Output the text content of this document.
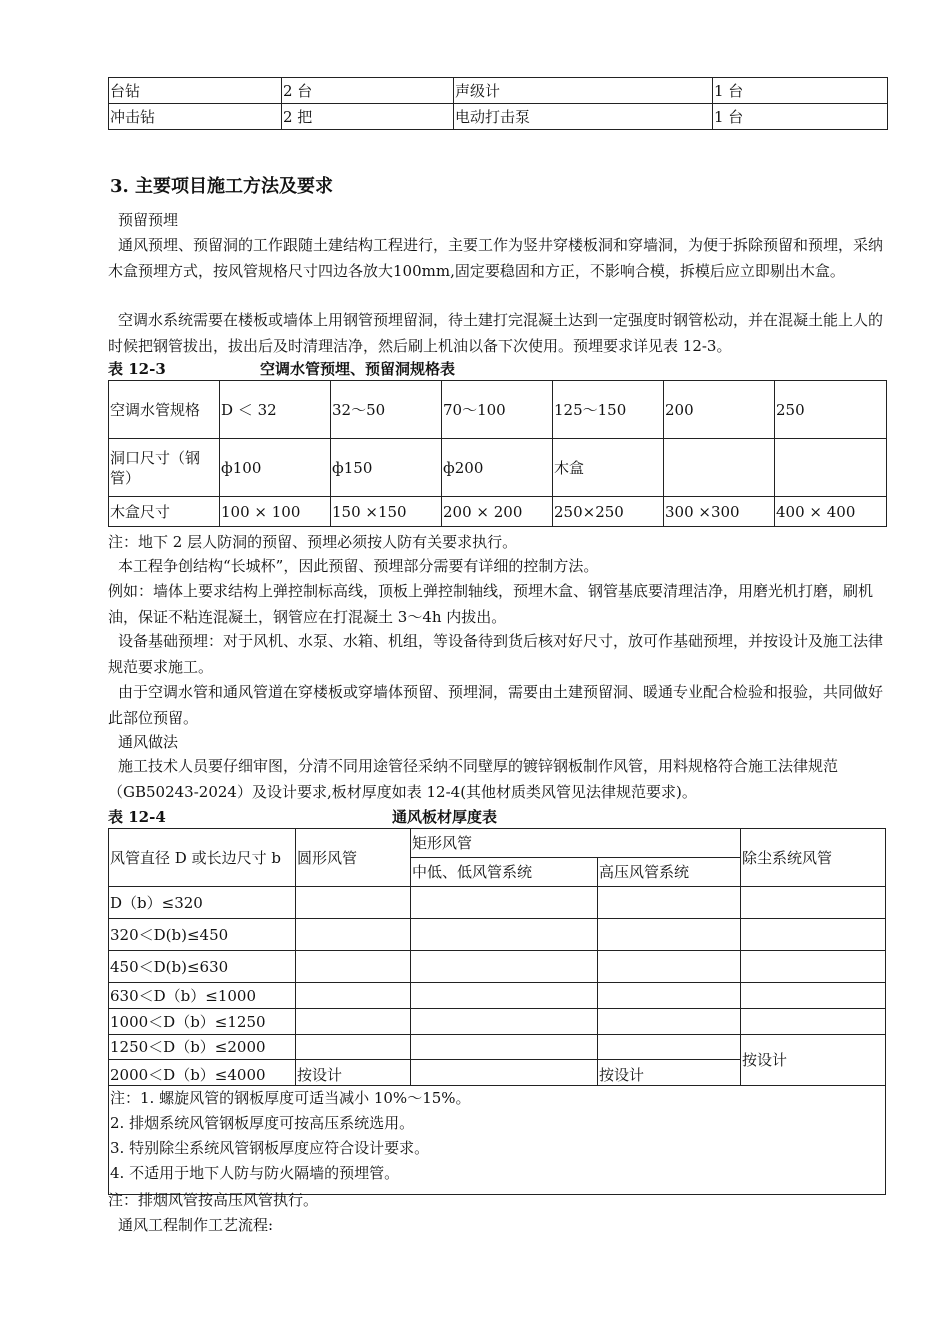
台钻	2 台	声级计	1 台
冲击钻	2 把	电动打击泵	1 台
3. 主要项目施工方法及要求
预留预埋
通风预埋、预留洞的工作跟随土建结构工程进行，主要工作为竖井穿楼板洞和穿墙洞，为便于拆除预留和预埋，采纳木盒预埋方式，按风管规格尺寸四边各放大100mm,固定要稳固和方正，不影响合模，拆模后应立即剔出木盒。
空调水系统需要在楼板或墙体上用钢管预埋留洞，待土建打完混凝土达到一定强度时钢管松动，并在混凝土能上人的时候把钢管拔出，拔出后及时清理洁净，然后刷上机油以备下次使用。预埋要求详见表 12-3。
表 12-3	空调水管预埋、预留洞规格表
空调水管规格	D ＜ 32	32～50	70～100	125～150	200	250
洞口尺寸（钢管）	ф100	ф150	ф200	木盒		
木盒尺寸	100 × 100	150 ×150	200 × 200	250×250	300 ×300	400 × 400
注：地下 2 层人防洞的预留、预埋必须按人防有关要求执行。
本工程争创结构“长城杯”，因此预留、预埋部分需要有详细的控制方法。
例如：墙体上要求结构上弹控制标高线，顶板上弹控制轴线，预埋木盒、钢管基底要清理洁净，用磨光机打磨，刷机油，保证不粘连混凝土，钢管应在打混凝土 3～4h 内拔出。
设备基础预埋：对于风机、水泵、水箱、机组，等设备待到货后核对好尺寸，放可作基础预埋，并按设计及施工法律规范要求施工。
由于空调水管和通风管道在穿楼板或穿墙体预留、预埋洞，需要由土建预留洞、暖通专业配合检验和报验，共同做好此部位预留。
通风做法
施工技术人员要仔细审图，分清不同用途管径采纳不同壁厚的镀锌钢板制作风管，用料规格符合施工法律规范（GB50243-2024）及设计要求,板材厚度如表 12-4(其他材质类风管见法律规范要求)。
表 12-4	通风板材厚度表
风管直径 D 或长边尺寸 b	圆形风管	矩形风管		除尘系统风管
		中低、低风管系统	高压风管系统	
D（b）≤320				
320＜D(b)≤450				
450＜D(b)≤630				
630＜D（b）≤1000				
1000＜D（b）≤1250				
1250＜D（b）≤2000				按设计
2000＜D（b）≤4000	按设计		按设计	

注：1. 螺旋风管的钢板厚度可适当减小 10%～15%。
2. 排烟系统风管钢板厚度可按高压系统选用。
3. 特别除尘系统风管钢板厚度应符合设计要求。
4. 不适用于地下人防与防火隔墙的预埋管。				
注：排烟风管按高压风管执行。
通风工程制作工艺流程:
